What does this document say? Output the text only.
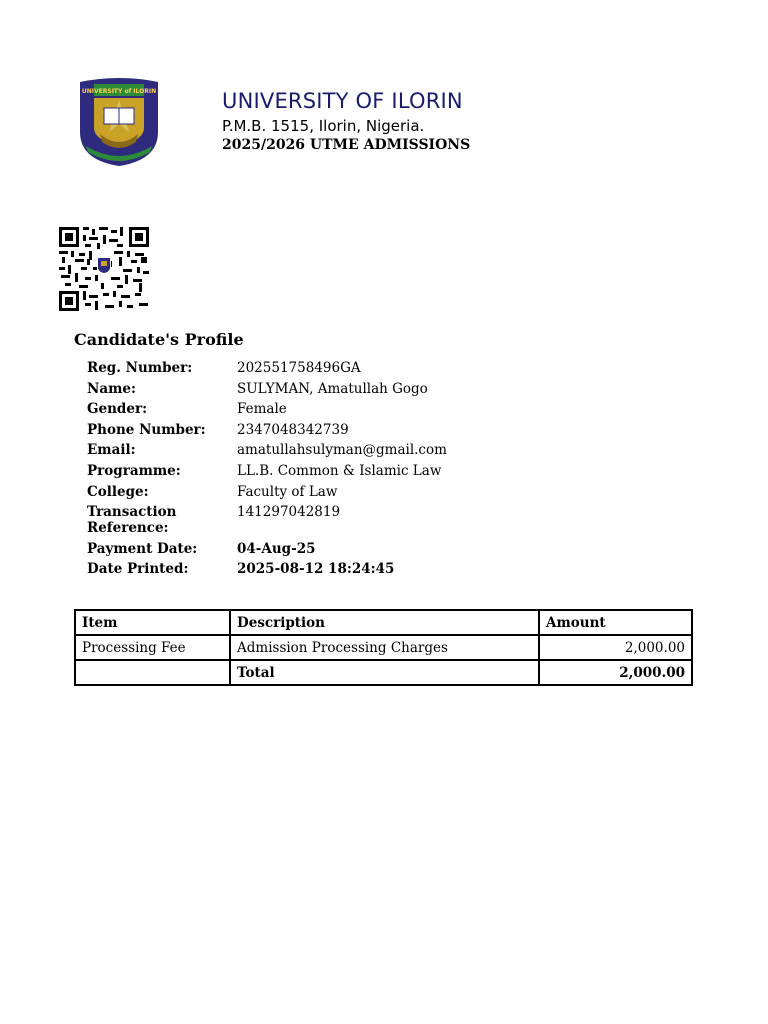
UNIVERSITY of ILORIN	UNIVERSITY OF ILORIN
P.M.B. 1515, Ilorin, Nigeria.
2025/2026 UTME ADMISSIONS
Candidate's Profile
Reg. Number:	202551758496GA
Name:	SULYMAN, Amatullah Gogo
Gender:	Female
Phone Number:	2347048342739
Email:	amatullahsulyman@gmail.com
Programme:	LL.B. Common & Islamic Law
College:	Faculty of Law
Transaction Reference:
141297042819
Payment Date:	04-Aug-25
Date Printed:	2025-08-12 18:24:45
Item	Description	Amount
Processing Fee	Admission Processing Charges	2,000.00
	Total	2,000.00
